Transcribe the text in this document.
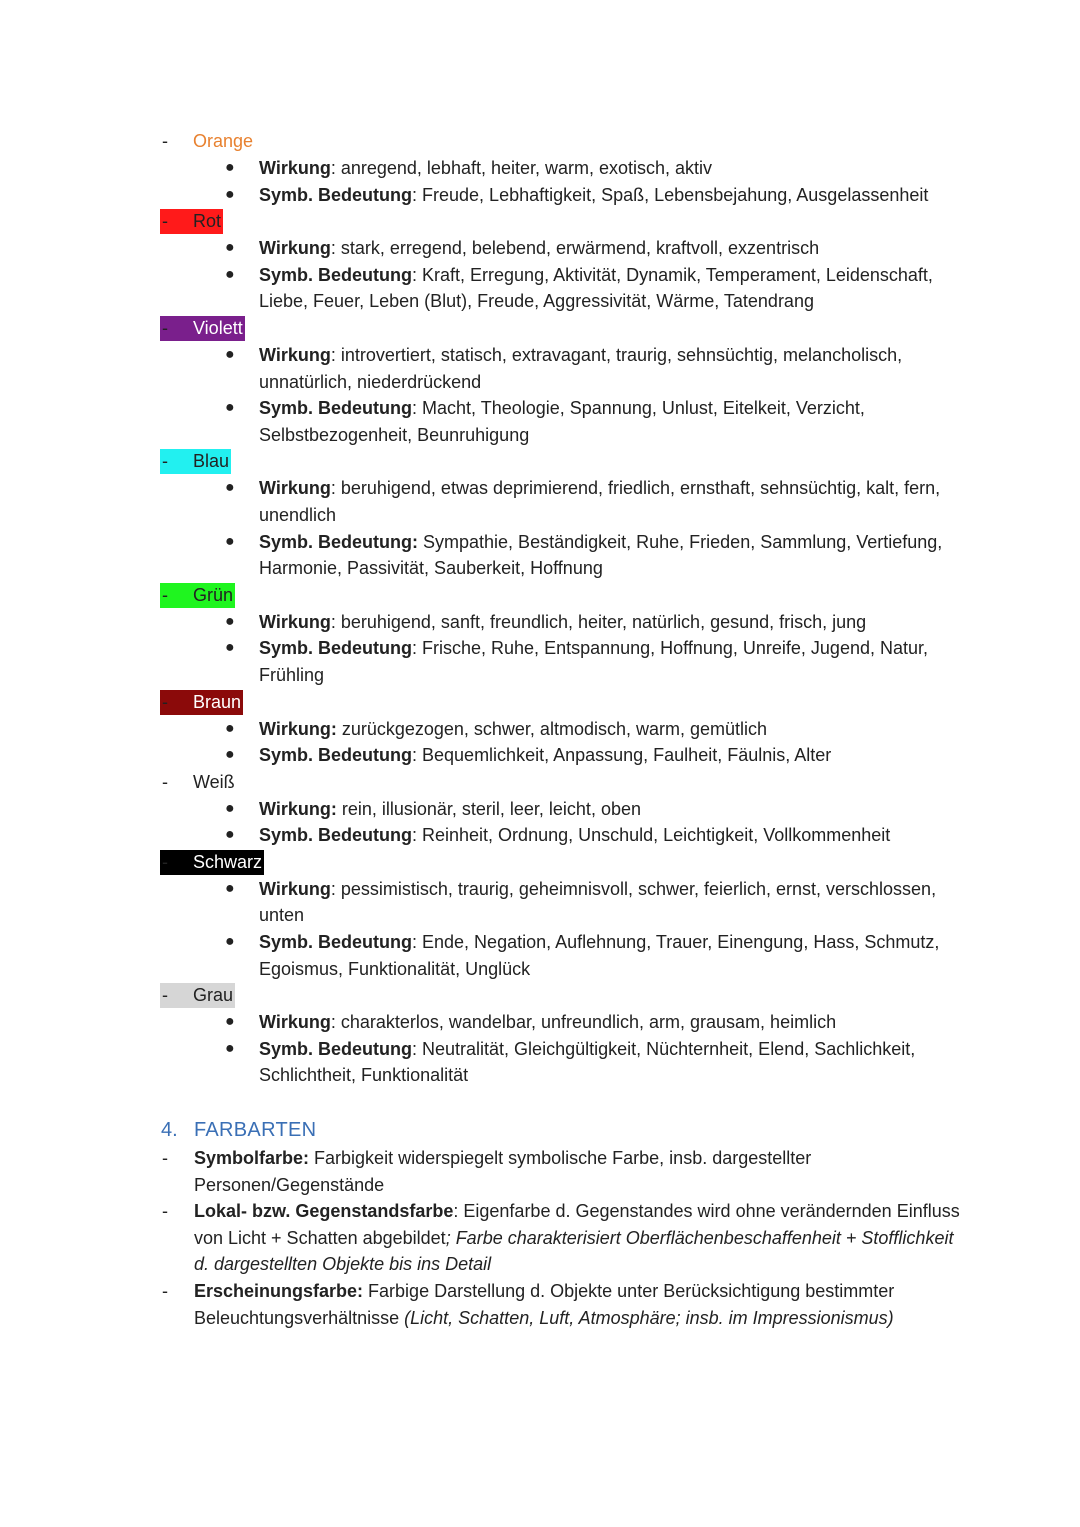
- Orange
● Wirkung: anregend, lebhaft, heiter, warm, exotisch, aktiv
● Symb. Bedeutung: Freude, Lebhaftigkeit, Spaß, Lebensbejahung, Ausgelassenheit
- Rot
● Wirkung: stark, erregend, belebend, erwärmend, kraftvoll, exzentrisch
● Symb. Bedeutung: Kraft, Erregung, Aktivität, Dynamik, Temperament, Leidenschaft, Liebe, Feuer, Leben (Blut), Freude, Aggressivität, Wärme, Tatendrang
- Violett
● Wirkung: introvertiert, statisch, extravagant, traurig, sehnsüchtig, melancholisch, unnatürlich, niederdrückend
● Symb. Bedeutung: Macht, Theologie, Spannung, Unlust, Eitelkeit, Verzicht, Selbstbezogenheit, Beunruhigung
- Blau
● Wirkung: beruhigend, etwas deprimierend, friedlich, ernsthaft, sehnsüchtig, kalt, fern, unendlich
● Symb. Bedeutung: Sympathie, Beständigkeit, Ruhe, Frieden, Sammlung, Vertiefung, Harmonie, Passivität, Sauberkeit, Hoffnung
- Grün
● Wirkung: beruhigend, sanft, freundlich, heiter, natürlich, gesund, frisch, jung
● Symb. Bedeutung: Frische, Ruhe, Entspannung, Hoffnung, Unreife, Jugend, Natur, Frühling
- Braun
● Wirkung: zurückgezogen, schwer, altmodisch, warm, gemütlich
● Symb. Bedeutung: Bequemlichkeit, Anpassung, Faulheit, Fäulnis, Alter
- Weiß
● Wirkung: rein, illusionär, steril, leer, leicht, oben
● Symb. Bedeutung: Reinheit, Ordnung, Unschuld, Leichtigkeit, Vollkommenheit
- Schwarz
● Wirkung: pessimistisch, traurig, geheimnisvoll, schwer, feierlich, ernst, verschlossen, unten
● Symb. Bedeutung: Ende, Negation, Auflehnung, Trauer, Einengung, Hass, Schmutz, Egoismus, Funktionalität, Unglück
- Grau
● Wirkung: charakterlos, wandelbar, unfreundlich, arm, grausam, heimlich
● Symb. Bedeutung: Neutralität, Gleichgültigkeit, Nüchternheit, Elend, Sachlichkeit, Schlichtheit, Funktionalität
4. FARBARTEN
- Symbolfarbe: Farbigkeit widerspiegelt symbolische Farbe, insb. dargestellter Personen/Gegenstände
- Lokal- bzw. Gegenstandsfarbe: Eigenfarbe d. Gegenstandes wird ohne verändernden Einfluss von Licht + Schatten abgebildet; Farbe charakterisiert Oberflächenbeschaffenheit + Stofflichkeit d. dargestellten Objekte bis ins Detail
- Erscheinungsfarbe: Farbige Darstellung d. Objekte unter Berücksichtigung bestimmter Beleuchtungsverhältnisse (Licht, Schatten, Luft, Atmosphäre; insb. im Impressionismus)
